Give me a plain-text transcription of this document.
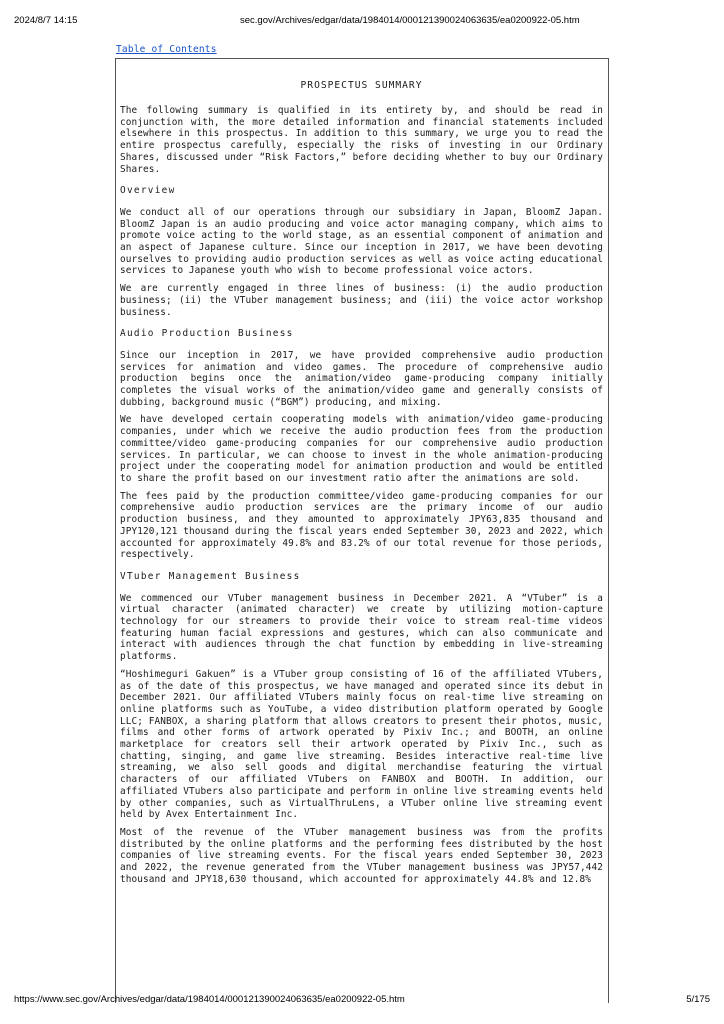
2024/8/7 14:15	sec.gov/Archives/edgar/data/1984014/000121390024063635/ea0200922-05.htm
Table of Contents
PROSPECTUS SUMMARY

The following summary is qualified in its entirety by, and should be read in conjunction with, the more detailed information and financial statements included elsewhere in this prospectus. In addition to this summary, we urge you to read the entire prospectus carefully, especially the risks of investing in our Ordinary Shares, discussed under “Risk Factors,” before deciding whether to buy our Ordinary Shares.

Overview

We conduct all of our operations through our subsidiary in Japan, BloomZ Japan. BloomZ Japan is an audio producing and voice actor managing company, which aims to promote voice acting to the world stage, as an essential component of animation and an aspect of Japanese culture. Since our inception in 2017, we have been devoting ourselves to providing audio production services as well as voice acting educational services to Japanese youth who wish to become professional voice actors.

We are currently engaged in three lines of business: (i) the audio production business; (ii) the VTuber management business; and (iii) the voice actor workshop business.

Audio Production Business

Since our inception in 2017, we have provided comprehensive audio production services for animation and video games. The procedure of comprehensive audio production begins once the animation/video game-producing company initially completes the visual works of the animation/video game and generally consists of dubbing, background music (“BGM”) producing, and mixing.

We have developed certain cooperating models with animation/video game-producing companies, under which we receive the audio production fees from the production committee/video game-producing companies for our comprehensive audio production services. In particular, we can choose to invest in the whole animation-producing project under the cooperating model for animation production and would be entitled to share the profit based on our investment ratio after the animations are sold.

The fees paid by the production committee/video game-producing companies for our comprehensive audio production services are the primary income of our audio production business, and they amounted to approximately JPY63,835 thousand and JPY120,121 thousand during the fiscal years ended September 30, 2023 and 2022, which accounted for approximately 49.8% and 83.2% of our total revenue for those periods, respectively.

VTuber Management Business

We commenced our VTuber management business in December 2021. A “VTuber” is a virtual character (animated character) we create by utilizing motion-capture technology for our streamers to provide their voice to stream real-time videos featuring human facial expressions and gestures, which can also communicate and interact with audiences through the chat function by embedding in live-streaming platforms.

“Hoshimeguri Gakuen” is a VTuber group consisting of 16 of the affiliated VTubers, as of the date of this prospectus, we have managed and operated since its debut in December 2021. Our affiliated VTubers mainly focus on real-time live streaming on online platforms such as YouTube, a video distribution platform operated by Google LLC; FANBOX, a sharing platform that allows creators to present their photos, music, films and other forms of artwork operated by Pixiv Inc.; and BOOTH, an online marketplace for creators sell their artwork operated by Pixiv Inc., such as chatting, singing, and game live streaming. Besides interactive real-time live streaming, we also sell goods and digital merchandise featuring the virtual characters of our affiliated VTubers on FANBOX and BOOTH. In addition, our affiliated VTubers also participate and perform in online live streaming events held by other companies, such as VirtualThruLens, a VTuber online live streaming event held by Avex Entertainment Inc.

Most of the revenue of the VTuber management business was from the profits distributed by the online platforms and the performing fees distributed by the host companies of live streaming events. For the fiscal years ended September 30, 2023 and 2022, the revenue generated from the VTuber management business was JPY57,442 thousand and JPY18,630 thousand, which accounted for approximately 44.8% and 12.8%

https://www.sec.gov/Archives/edgar/data/1984014/000121390024063635/ea0200922-05.htm	5/175
